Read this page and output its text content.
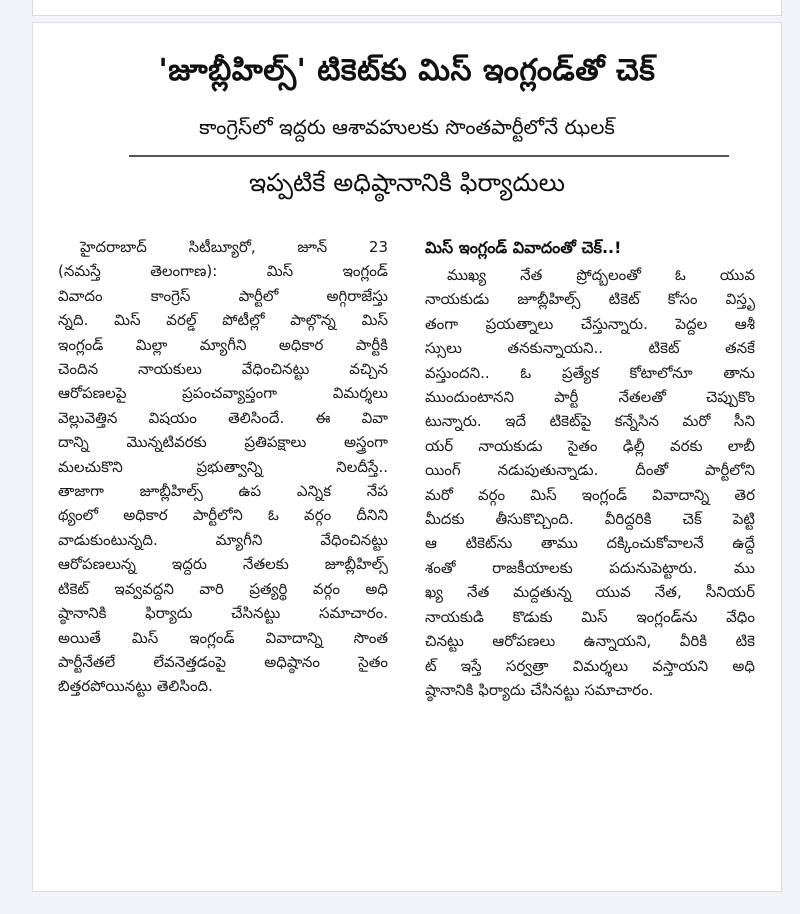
'జూబ్లీహిల్స్' టికెట్‌కు మిస్ ఇంగ్లండ్‌తో చెక్
కాంగ్రెస్‌లో ఇద్దరు ఆశావహులకు సొంతపార్టీలోనే ఝలక్
ఇప్పటికే అధిష్ఠానానికి ఫిర్యాదులు

హైదరాబాద్ సిటీబ్యూరో, జూన్ 23

(నమస్తే తెలంగాణ): మిస్ ఇంగ్లండ్

వివాదం కాంగ్రెస్ పార్టీలో అగ్గిరాజేస్తు

న్నది. మిస్ వరల్డ్ పోటీల్లో పాల్గొన్న మిస్

ఇంగ్లండ్ మిల్లా మ్యాగీని అధికార పార్టీకి

చెందిన నాయకులు వేధించినట్టు వచ్చిన

ఆరోపణలపై ప్రపంచవ్యాప్తంగా విమర్శలు

వెల్లువెత్తిన విషయం తెలిసిందే. ఈ వివా

దాన్ని మొన్నటివరకు ప్రతిపక్షాలు అస్త్రంగా

మలచుకొని ప్రభుత్వాన్ని నిలదీస్తే..

తాజాగా జూబ్లీహిల్స్ ఉప ఎన్నిక నేప

థ్యంలో అధికార పార్టీలోని ఓ వర్గం దీనిని

వాడుకుంటున్నది. మ్యాగీని వేధించినట్టు

ఆరోపణలున్న ఇద్దరు నేతలకు జూబ్లీహిల్స్

టికెట్ ఇవ్వవద్దని వారి ప్రత్యర్థి వర్గం అధి

ష్ఠానానికి ఫిర్యాదు చేసినట్టు సమాచారం.

అయితే మిస్ ఇంగ్లండ్ వివాదాన్ని సొంత

పార్టీనేతలే లేవనెత్తడంపై అధిష్ఠానం సైతం

బిత్తరపోయినట్టు తెలిసింది.

మిస్ ఇంగ్లండ్ వివాదంతో చెక్..!

ముఖ్య నేత ప్రోద్బలంతో ఓ యువ

నాయకుడు జూబ్లీహిల్స్ టికెట్ కోసం విస్తృ

తంగా ప్రయత్నాలు చేస్తున్నారు. పెద్దల ఆశీ

స్సులు తనకున్నాయని.. టికెట్ తనకే

వస్తుందని.. ఓ ప్రత్యేక కోటాలోనూ తాను

ముందుంటానని పార్టీ నేతలతో చెప్పుకొం

టున్నారు. ఇదే టికెట్‌పై కన్నేసిన మరో సీని

యర్ నాయకుడు సైతం ఢిల్లీ వరకు లాబీ

యింగ్ నడుపుతున్నాడు. దీంతో పార్టీలోని

మరో వర్గం మిస్ ఇంగ్లండ్ వివాదాన్ని తెర

మీదకు తీసుకొచ్చింది. వీరిద్దరికి చెక్ పెట్టి

ఆ టికెట్‌ను తాము దక్కించుకోవాలనే ఉద్దే

శంతో రాజకీయాలకు పదునుపెట్టారు. ము

ఖ్య నేత మద్దతున్న యువ నేత, సీనియర్

నాయకుడి కొడుకు మిస్ ఇంగ్లండ్‌ను వేధిం

చినట్టు ఆరోపణలు ఉన్నాయని, వీరికి టికె

ట్ ఇస్తే సర్వత్రా విమర్శలు వస్తాయని అధి

ష్ఠానానికి ఫిర్యాదు చేసినట్టు సమాచారం.
